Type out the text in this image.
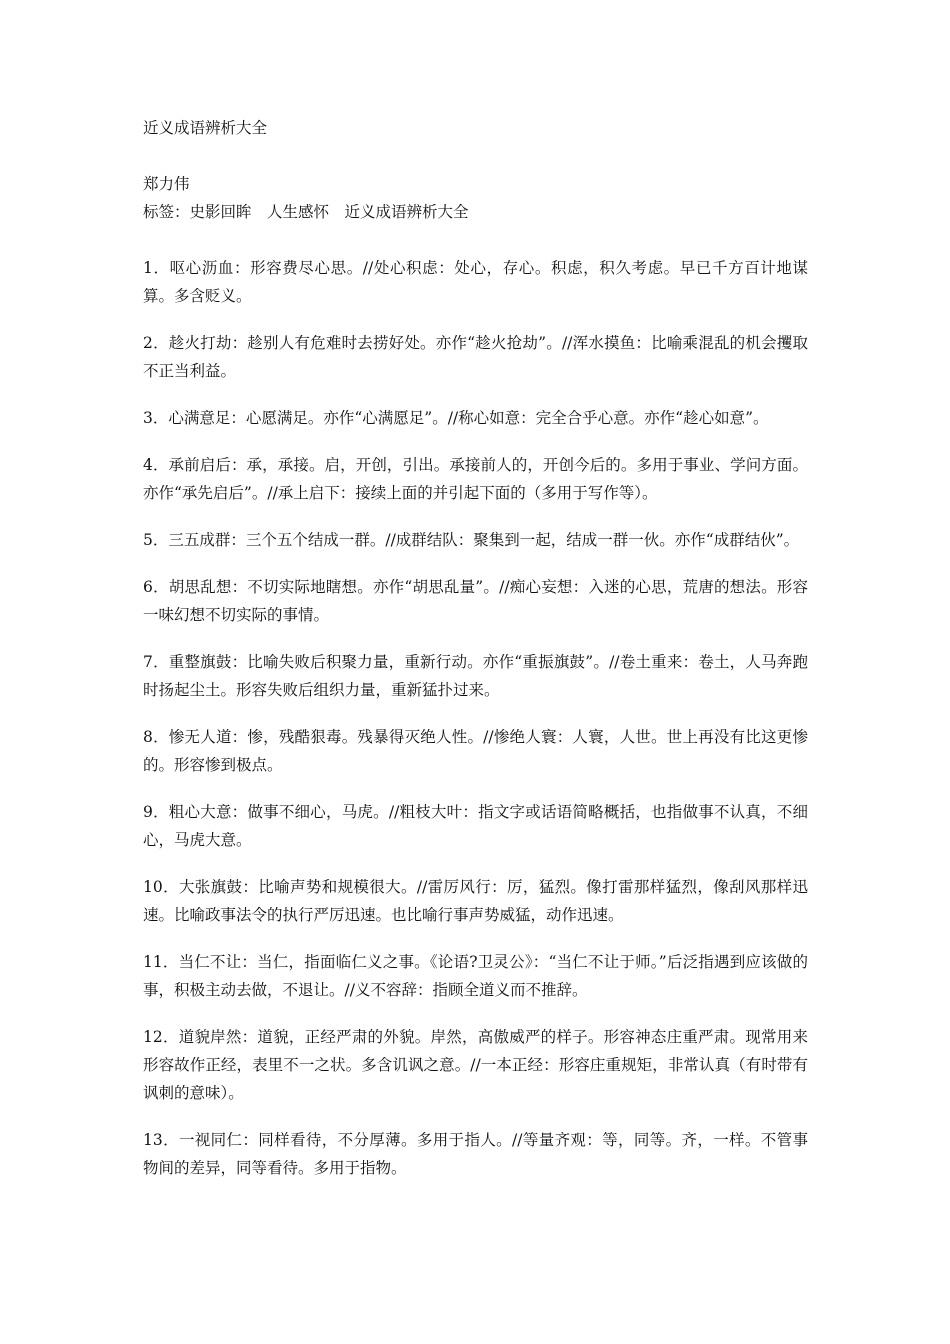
近义成语辨析大全

郑力伟

标签：史影回眸　人生感怀　近义成语辨析大全

1．呕心沥血：形容费尽心思。//处心积虑：处心，存心。积虑，积久考虑。早已千方百计地谋算。多含贬义。

2．趁火打劫：趁别人有危难时去捞好处。亦作“趁火抢劫”。//浑水摸鱼：比喻乘混乱的机会攫取不正当利益。

3．心满意足：心愿满足。亦作“心满愿足”。//称心如意：完全合乎心意。亦作“趁心如意”。

4．承前启后：承，承接。启，开创，引出。承接前人的，开创今后的。多用于事业、学问方面。亦作“承先启后”。//承上启下：接续上面的并引起下面的（多用于写作等）。

5．三五成群：三个五个结成一群。//成群结队：聚集到一起，结成一群一伙。亦作“成群结伙”。

6．胡思乱想：不切实际地瞎想。亦作“胡思乱量”。//痴心妄想：入迷的心思，荒唐的想法。形容一味幻想不切实际的事情。

7．重整旗鼓：比喻失败后积聚力量，重新行动。亦作“重振旗鼓”。//卷土重来：卷土，人马奔跑时扬起尘土。形容失败后组织力量，重新猛扑过来。

8．惨无人道：惨，残酷狠毒。残暴得灭绝人性。//惨绝人寰：人寰，人世。世上再没有比这更惨的。形容惨到极点。

9．粗心大意：做事不细心，马虎。//粗枝大叶：指文字或话语简略概括，也指做事不认真，不细心，马虎大意。

10．大张旗鼓：比喻声势和规模很大。//雷厉风行：厉，猛烈。像打雷那样猛烈，像刮风那样迅速。比喻政事法令的执行严厉迅速。也比喻行事声势威猛，动作迅速。

11．当仁不让：当仁，指面临仁义之事。《论语?卫灵公》：“当仁不让于师。”后泛指遇到应该做的事，积极主动去做，不退让。//义不容辞：指顾全道义而不推辞。

12．道貌岸然：道貌，正经严肃的外貌。岸然，高傲威严的样子。形容神态庄重严肃。现常用来形容故作正经，表里不一之状。多含讥讽之意。//一本正经：形容庄重规矩，非常认真（有时带有讽刺的意味）。

13．一视同仁：同样看待，不分厚薄。多用于指人。//等量齐观：等，同等。齐，一样。不管事物间的差异，同等看待。多用于指物。
